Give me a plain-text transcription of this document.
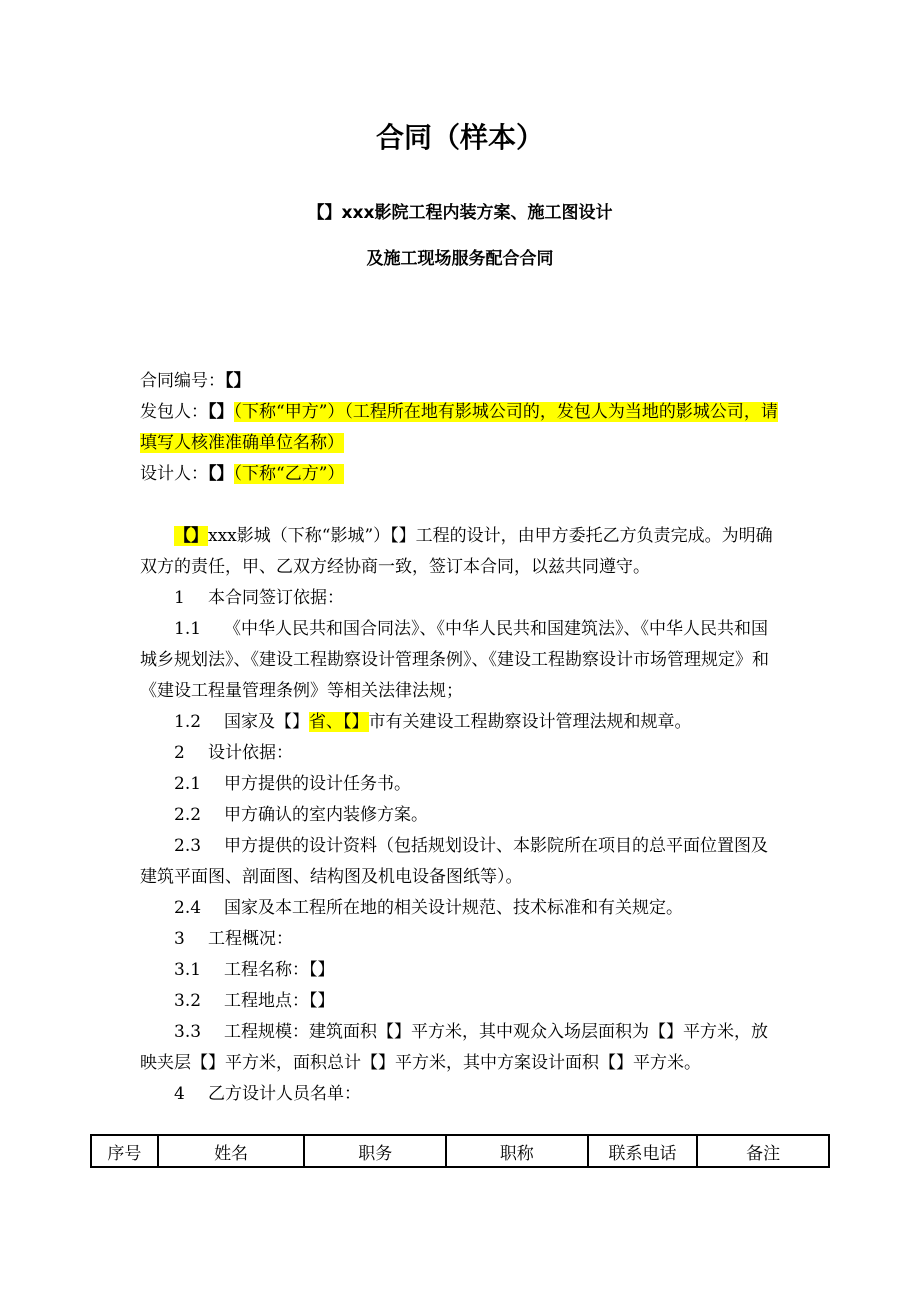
合同（样本）
【】xxx影院工程内装方案、施工图设计
及施工现场服务配合合同

合同编号：【】

发包人：【】（下称“甲方”）（工程所在地有影城公司的，发包人为当地的影城公司，请填写人核准准确单位名称）

设计人：【】（下称“乙方”）

【】xxx影城（下称“影城”）【】工程的设计，由甲方委托乙方负责完成。为明确双方的责任，甲、乙双方经协商一致，签订本合同，以兹共同遵守。

1 本合同签订依据：

1.1 《中华人民共和国合同法》、《中华人民共和国建筑法》、《中华人民共和国城乡规划法》、《建设工程勘察设计管理条例》、《建设工程勘察设计市场管理规定》和《建设工程量管理条例》等相关法律法规；

1.2 国家及【】省、【】市有关建设工程勘察设计管理法规和规章。

2 设计依据：

2.1 甲方提供的设计任务书。

2.2 甲方确认的室内装修方案。

2.3 甲方提供的设计资料（包括规划设计、本影院所在项目的总平面位置图及建筑平面图、剖面图、结构图及机电设备图纸等）。

2.4 国家及本工程所在地的相关设计规范、技术标准和有关规定。

3 工程概况：

3.1 工程名称：【】

3.2 工程地点：【】

3.3 工程规模：建筑面积【】平方米，其中观众入场层面积为【】平方米，放映夹层【】平方米，面积总计【】平方米，其中方案设计面积【】平方米。

4 乙方设计人员名单：

序号	姓名	职务	职称	联系电话	备注
